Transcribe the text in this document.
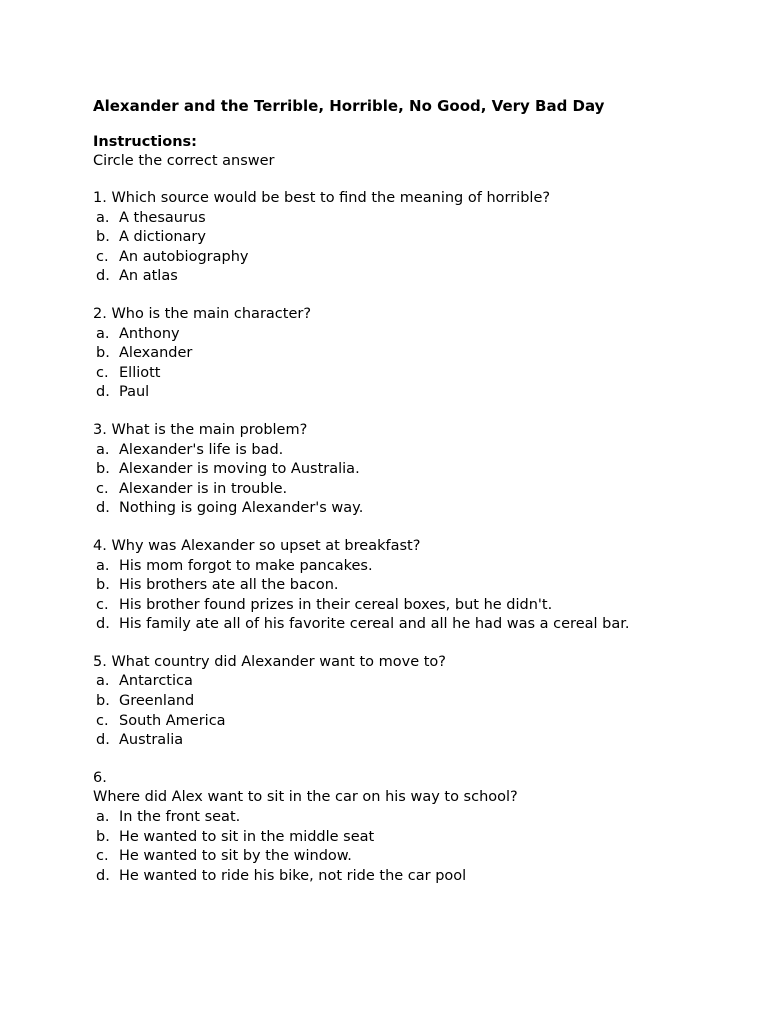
Alexander and the Terrible, Horrible, No Good, Very Bad Day
Instructions:
Circle the correct answer
1. Which source would be best to find the meaning of horrible?
a. A thesaurus
b. A dictionary
c. An autobiography
d. An atlas
2. Who is the main character?
a. Anthony
b. Alexander
c. Elliott
d. Paul
3. What is the main problem?
a. Alexander's life is bad.
b. Alexander is moving to Australia.
c. Alexander is in trouble.
d. Nothing is going Alexander's way.
4. Why was Alexander so upset at breakfast?
a. His mom forgot to make pancakes.
b. His brothers ate all the bacon.
c. His brother found prizes in their cereal boxes, but he didn't.
d. His family ate all of his favorite cereal and all he had was a cereal bar.
5. What country did Alexander want to move to?
a. Antarctica
b. Greenland
c. South America
d. Australia
6.
Where did Alex want to sit in the car on his way to school?
a. In the front seat.
b. He wanted to sit in the middle seat
c. He wanted to sit by the window.
d. He wanted to ride his bike, not ride the car pool
